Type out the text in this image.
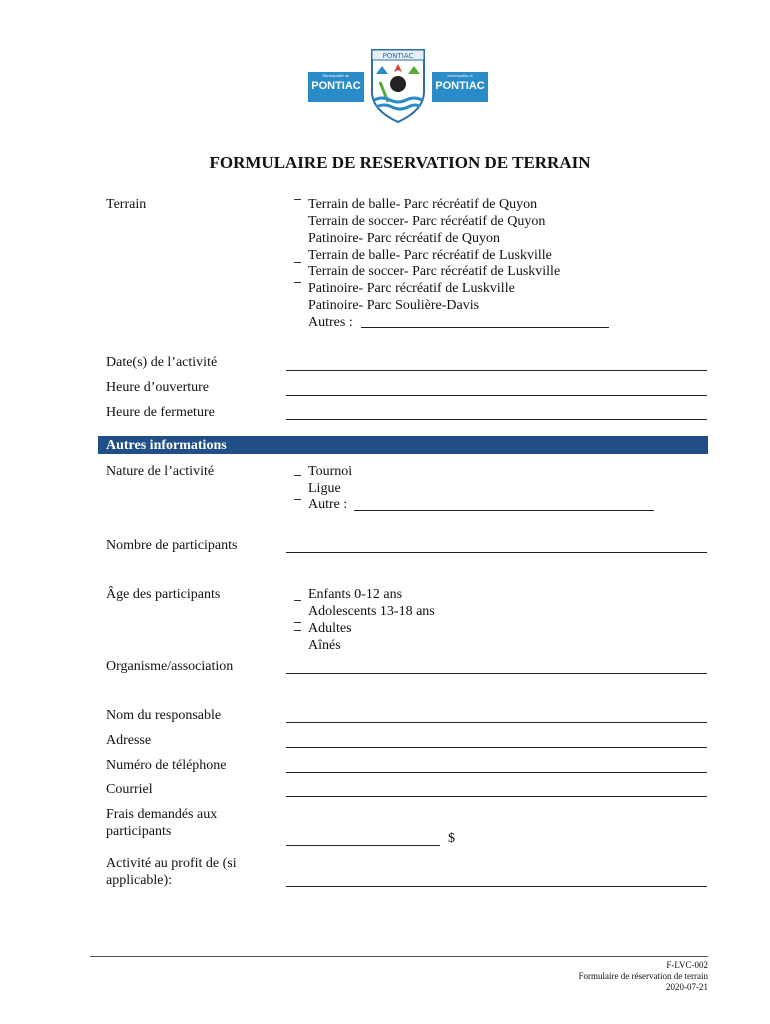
Municipalité de
PONTIAC
Municipality of
PONTIAC
PONTIAC
FORMULAIRE DE RESERVATION DE TERRAIN
Terrain	Terrain de balle- Parc récréatif de Quyon
Terrain de soccer- Parc récréatif de Quyon
Patinoire- Parc récréatif de Quyon
Terrain de balle- Parc récréatif de Luskville
Terrain de soccer- Parc récréatif de Luskville
Patinoire- Parc récréatif de Luskville
Patinoire- Parc Soulière-Davis
Autres :
Date(s) de l’activité
Heure d’ouverture
Heure de fermeture
Autres informations
Nature de l’activité	Tournoi
Ligue
Autre :
Nombre de participants
Âge des participants	Enfants 0-12 ans
Adolescents 13-18 ans
Adultes
Aînés
Organisme/association
Nom du responsable
Adresse
Numéro de téléphone
Courriel
Frais demandés aux
participants	$
Activité au profit de (si
applicable):
F-LVC-002
Formulaire de réservation de terrain
2020-07-21
